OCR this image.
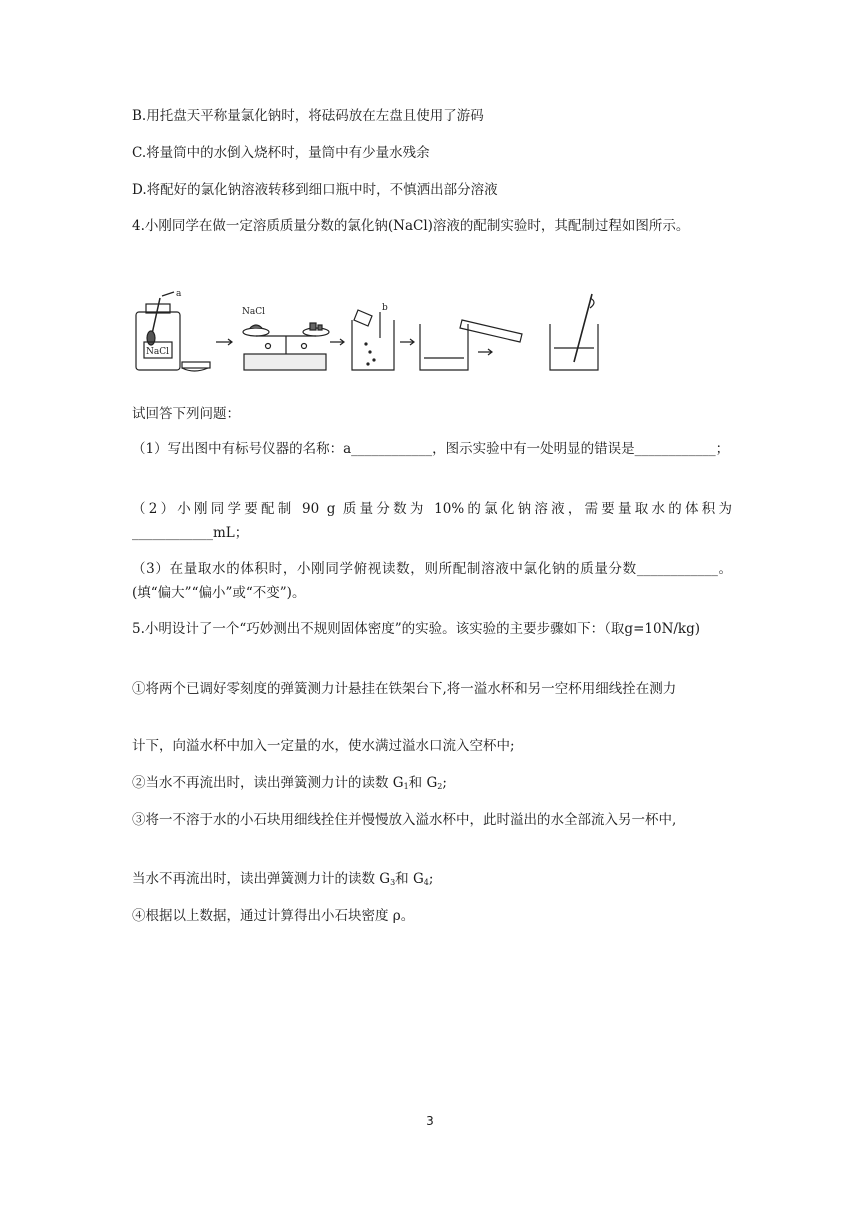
B.用托盘天平称量氯化钠时，将砝码放在左盘且使用了游码
C.将量筒中的水倒入烧杯时，量筒中有少量水残余
D.将配好的氯化钠溶液转移到细口瓶中时，不慎洒出部分溶液
4.小刚同学在做一定溶质质量分数的氯化钠(NaCl)溶液的配制实验时，其配制过程如图所示。
a
NaCl
NaCl	b
试回答下列问题：
（1）写出图中有标号仪器的名称：a____________，图示实验中有一处明显的错误是____________；
（2）小刚同学要配制 90 g 质量分数为 10%的氯化钠溶液，需要量取水的体积为____________mL；
（3）在量取水的体积时，小刚同学俯视读数，则所配制溶液中氯化钠的质量分数____________。(填“偏大”“偏小”或“不变”)。
5.小明设计了一个“巧妙测出不规则固体密度”的实验。该实验的主要步骤如下：（取g=10N/kg)
①将两个已调好零刻度的弹簧测力计悬挂在铁架台下,将一溢水杯和另一空杯用细线拴在测力
计下，向溢水杯中加入一定量的水，使水满过溢水口流入空杯中;
②当水不再流出时，读出弹簧测力计的读数 $G_1$和 $G_2$;
③将一不溶于水的小石块用细线拴住并慢慢放入溢水杯中，此时溢出的水全部流入另一杯中,
当水不再流出时，读出弹簧测力计的读数 $G_3$和 $G_4$;
④根据以上数据，通过计算得出小石块密度 ρ。
3
